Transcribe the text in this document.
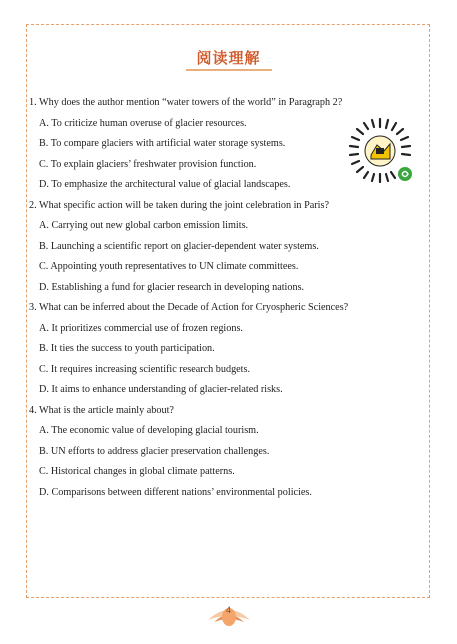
阅读理解

1. Why does the author mention “water towers of the world” in Paragraph 2?

A. To criticize human overuse of glacier resources.

B. To compare glaciers with artificial water storage systems.

C. To explain glaciers’ freshwater provision function.

D. To emphasize the architectural value of glacial landscapes.

2. What specific action will be taken during the joint celebration in Paris?

A. Carrying out new global carbon emission limits.

B. Launching a scientific report on glacier-dependent water systems.

C. Appointing youth representatives to UN climate committees.

D. Establishing a fund for glacier research in developing nations.

3. What can be inferred about the Decade of Action for Cryospheric Sciences?

A. It prioritizes commercial use of frozen regions.

B. It ties the success to youth participation.

C. It requires increasing scientific research budgets.

D. It aims to enhance understanding of glacier-related risks.

4. What is the article mainly about?

A. The economic value of developing glacial tourism.

B. UN efforts to address glacier preservation challenges.

C. Historical changes in global climate patterns.

D. Comparisons between different nations’ environmental policies.

4
